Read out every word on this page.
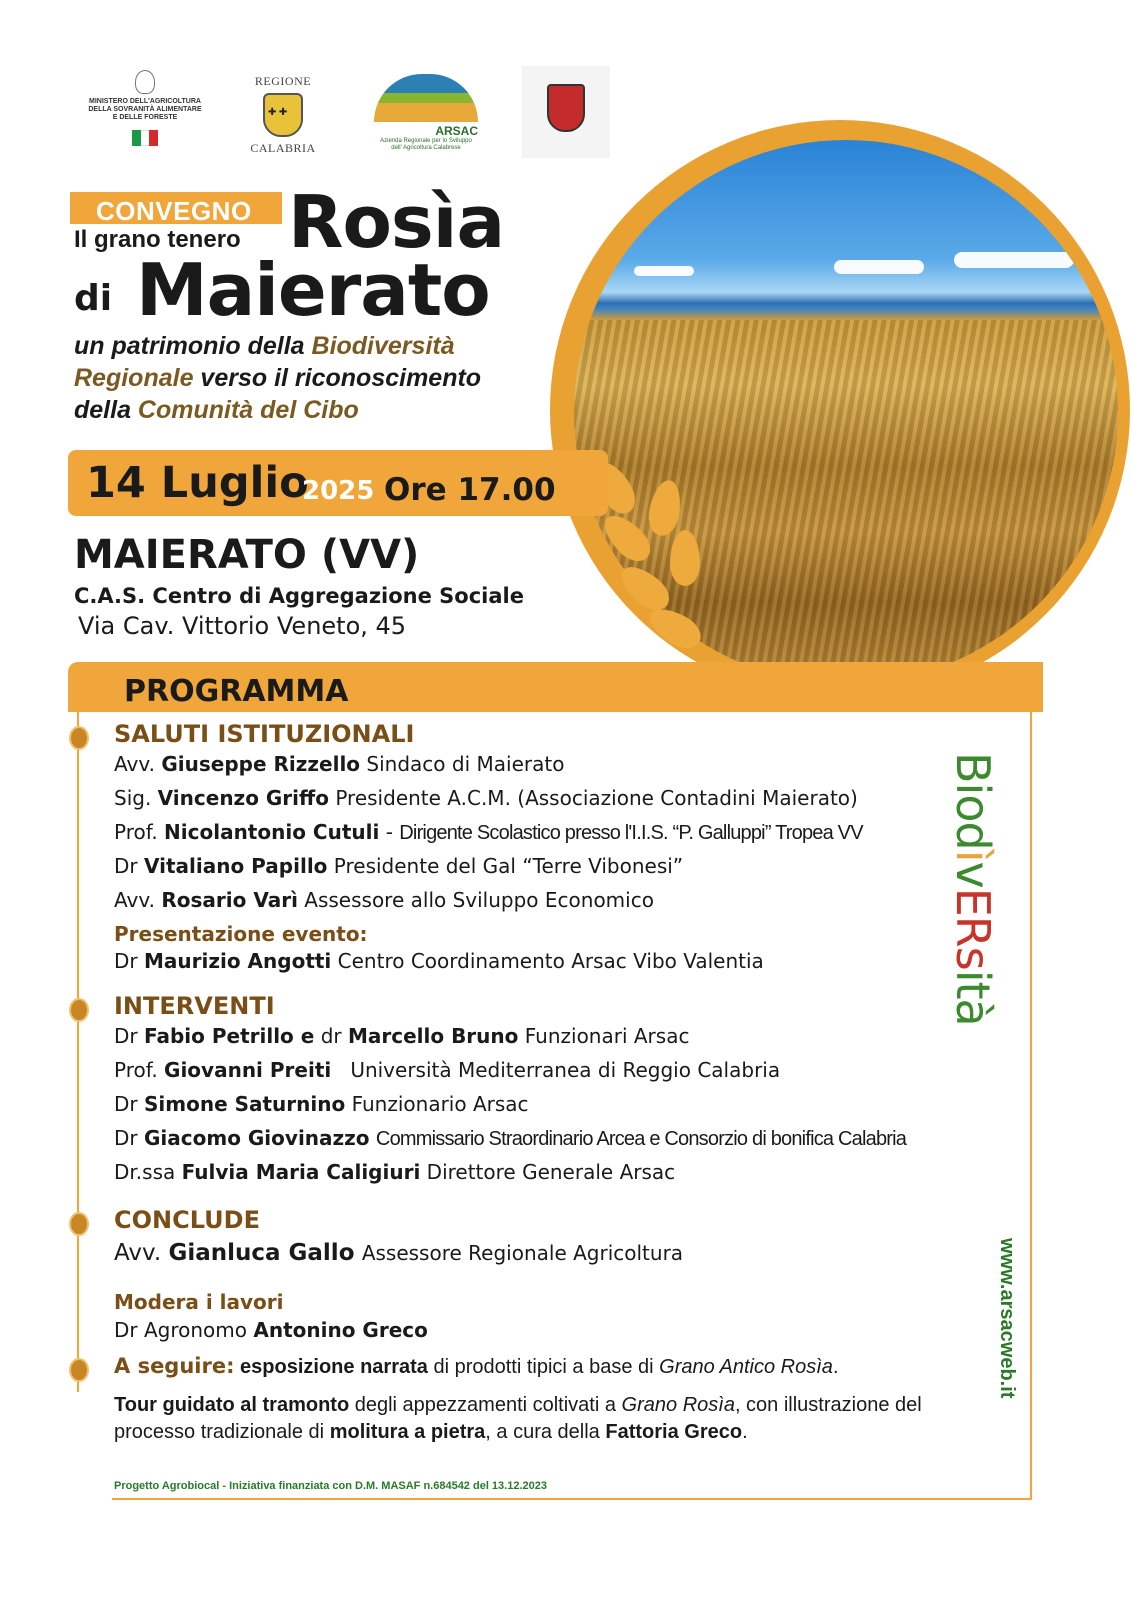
MINISTERO DELL'AGRICOLTURA
DELLA SOVRANITÀ ALIMENTARE
E DELLE FORESTE
REGIONE
✚ ✚
CALABRIA
ARSAC
Azienda Regionale per lo Sviluppo
dell' Agricoltura Calabrese
CONVEGNO
Il grano tenero Rosìa
di Maierato
un patrimonio della Biodiversità
Regionale verso il riconoscimento
della Comunità del Cibo
14 Luglio
2025 Ore 17.00
MAIERATO (VV)
C.A.S. Centro di Aggregazione Sociale
Via Cav. Vittorio Veneto, 45
PROGRAMMA
SALUTI ISTITUZIONALI
Avv. Giuseppe Rizzello Sindaco di Maierato
Sig. Vincenzo Griffo Presidente A.C.M. (Associazione Contadini Maierato)
Prof. Nicolantonio Cutuli - Dirigente Scolastico presso l'I.I.S. “P. Galluppi” Tropea VV
Dr Vitaliano Papillo Presidente del Gal “Terre Vibonesi”
Avv. Rosario Varì Assessore allo Sviluppo Economico
Presentazione evento:
Dr Maurizio Angotti Centro Coordinamento Arsac Vibo Valentia
INTERVENTI
Dr Fabio Petrillo e dr Marcello Bruno Funzionari Arsac
Prof. Giovanni Preiti Università Mediterranea di Reggio Calabria
Dr Simone Saturnino Funzionario Arsac
Dr Giacomo Giovinazzo Commissario Straordinario Arcea e Consorzio di bonifica Calabria
Dr.ssa Fulvia Maria Caligiuri Direttore Generale Arsac
CONCLUDE
Avv. Gianluca Gallo Assessore Regionale Agricoltura
Modera i lavori
Dr Agronomo Antonino Greco
A seguire: esposizione narrata di prodotti tipici a base di Grano Antico Rosìa.
Tour guidato al tramonto degli appezzamenti coltivati a Grano Rosìa, con illustrazione del processo tradizionale di molitura a pietra, a cura della Fattoria Greco.
Progetto Agrobiocal - Iniziativa finanziata con D.M. MASAF n.684542 del 13.12.2023
BiodìvERsità
www.arsacweb.it
